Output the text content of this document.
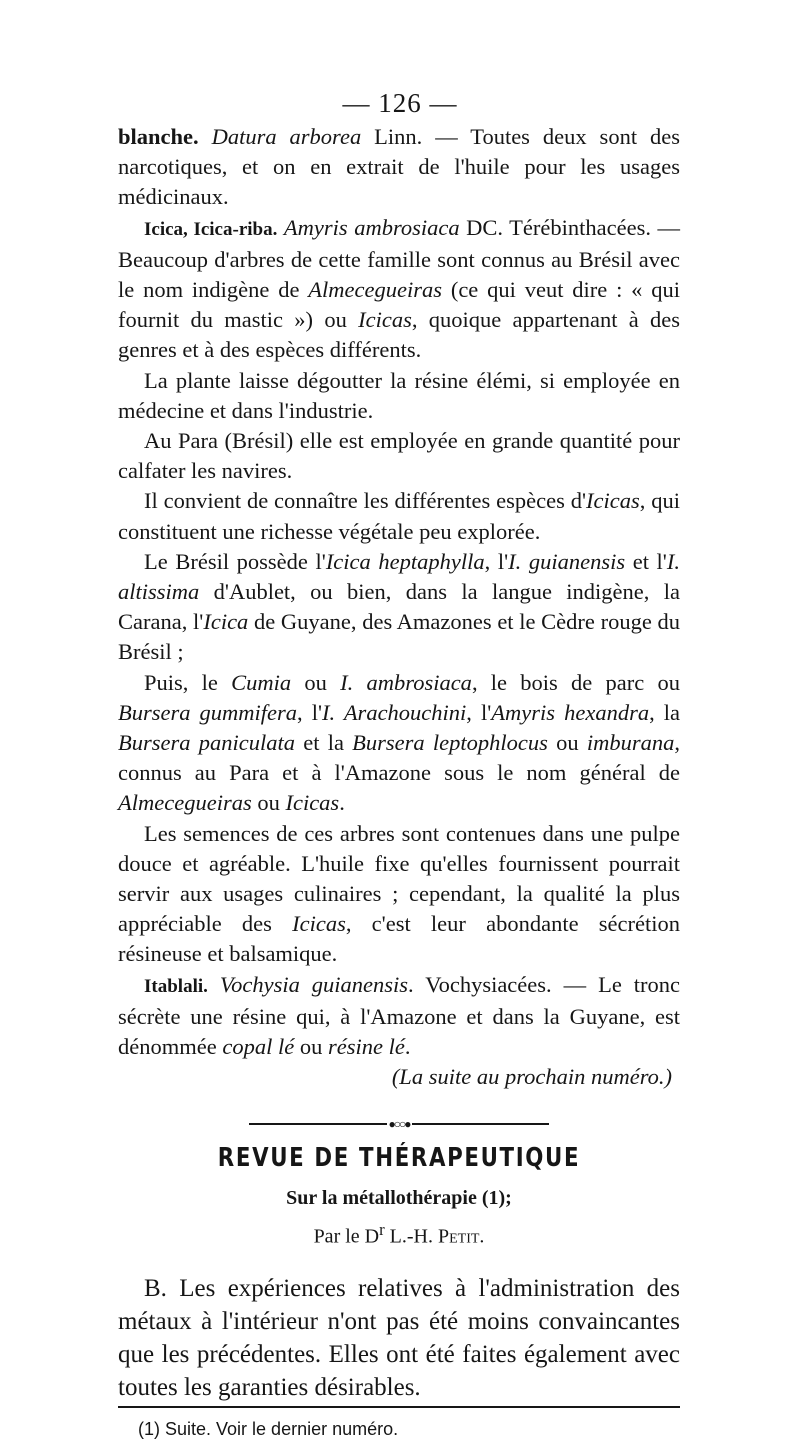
— 126 —

blanche. Datura arborea Linn. — Toutes deux sont des narcotiques, et on en extrait de l'huile pour les usages médicinaux.

Icica, Icica-riba. Amyris ambrosiaca DC. Térébinthacées. — Beaucoup d'arbres de cette famille sont connus au Brésil avec le nom indigène de Almecegueiras (ce qui veut dire : « qui fournit du mastic ») ou Icicas, quoique appartenant à des genres et à des espèces différents.

La plante laisse dégoutter la résine élémi, si employée en médecine et dans l'industrie.

Au Para (Brésil) elle est employée en grande quantité pour calfater les navires.

Il convient de connaître les différentes espèces d'Icicas, qui constituent une richesse végétale peu explorée.

Le Brésil possède l'Icica heptaphylla, l'I. guianensis et l'I. altissima d'Aublet, ou bien, dans la langue indigène, la Carana, l'Icica de Guyane, des Amazones et le Cèdre rouge du Brésil ;

Puis, le Cumia ou I. ambrosiaca, le bois de parc ou Bursera gummifera, l'I. Arachouchini, l'Amyris hexandra, la Bursera paniculata et la Bursera leptophlocus ou imburana, connus au Para et à l'Amazone sous le nom général de Almecegueiras ou Icicas.

Les semences de ces arbres sont contenues dans une pulpe douce et agréable. L'huile fixe qu'elles fournissent pourrait servir aux usages culinaires ; cependant, la qualité la plus appréciable des Icicas, c'est leur abondante sécrétion résineuse et balsamique.

Itablali. Vochysia guianensis. Vochysiacées. — Le tronc sécrète une résine qui, à l'Amazone et dans la Guyane, est dénommée copal lé ou résine lé.

(La suite au prochain numéro.)

●○○●
REVUE DE THÉRAPEUTIQUE
Sur la métallothérapie (1);
Par le $D^r$ L.-H. Petit.

B. Les expériences relatives à l'administration des métaux à l'intérieur n'ont pas été moins convaincantes que les précédentes. Elles ont été faites également avec toutes les garanties désirables.

(1) Suite. Voir le dernier numéro.
